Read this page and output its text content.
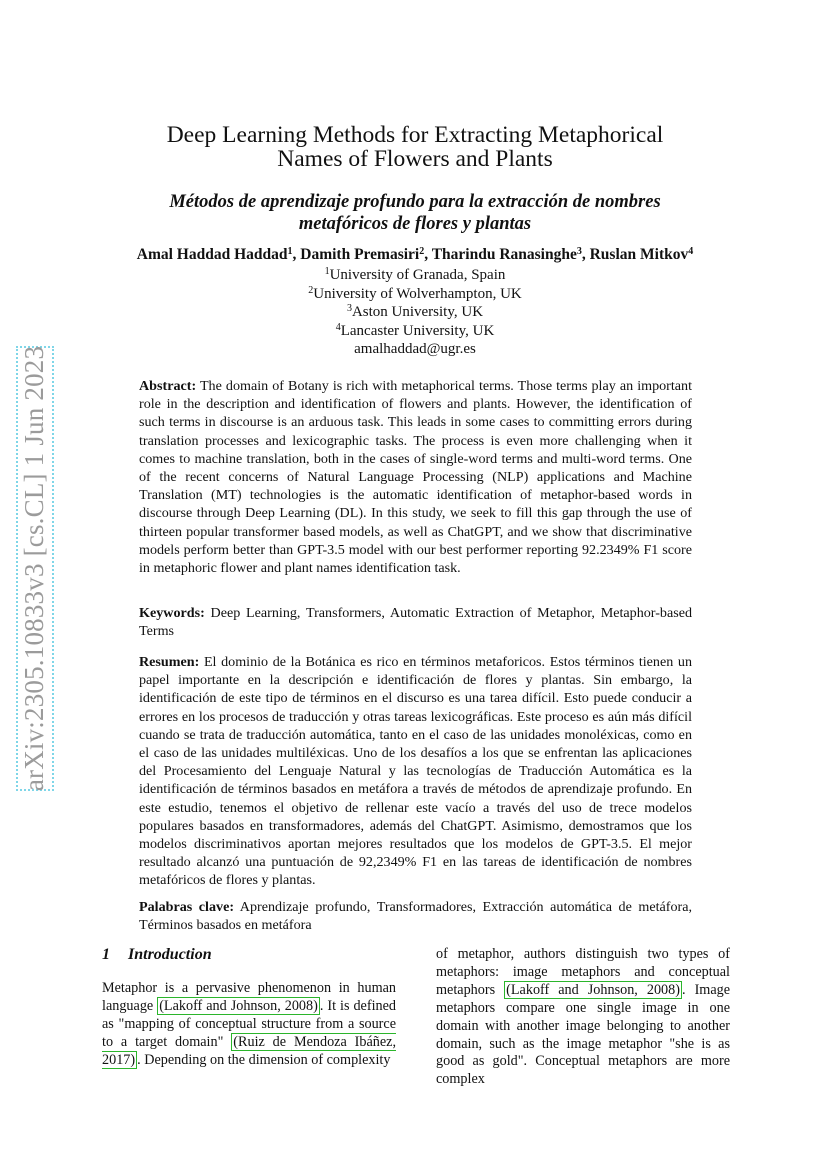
arXiv:2305.10833v3 [cs.CL] 1 Jun 2023
Deep Learning Methods for Extracting Metaphorical
Names of Flowers and Plants
Métodos de aprendizaje profundo para la extracción de nombres
metafóricos de flores y plantas
Amal Haddad Haddad$^1$, Damith Premasiri$^2$, Tharindu Ranasinghe$^3$, Ruslan Mitkov$^4$
$^1$University of Granada, Spain
$^2$University of Wolverhampton, UK
$^3$Aston University, UK
$^4$Lancaster University, UK
amalhaddad@ugr.es
Abstract: The domain of Botany is rich with metaphorical terms. Those terms play an important role in the description and identification of flowers and plants. However, the identification of such terms in discourse is an arduous task. This leads in some cases to committing errors during translation processes and lexicographic tasks. The process is even more challenging when it comes to machine translation, both in the cases of single-word terms and multi-word terms. One of the recent concerns of Natural Language Processing (NLP) applications and Machine Translation (MT) technologies is the automatic identification of metaphor-based words in discourse through Deep Learning (DL). In this study, we seek to fill this gap through the use of thirteen popular transformer based models, as well as ChatGPT, and we show that discriminative models perform better than GPT-3.5 model with our best performer reporting 92.2349% F1 score in metaphoric flower and plant names identification task.
Keywords: Deep Learning, Transformers, Automatic Extraction of Metaphor, Metaphor-based Terms
Resumen: El dominio de la Botánica es rico en términos metaforicos. Estos términos tienen un papel importante en la descripción e identificación de flores y plantas. Sin embargo, la identificación de este tipo de términos en el discurso es una tarea difícil. Esto puede conducir a errores en los procesos de traducción y otras tareas lexicográficas. Este proceso es aún más difícil cuando se trata de traducción automática, tanto en el caso de las unidades monoléxicas, como en el caso de las unidades multiléxicas. Uno de los desafíos a los que se enfrentan las aplicaciones del Procesamiento del Lenguaje Natural y las tecnologías de Traducción Automática es la identificación de términos basados en metáfora a través de métodos de aprendizaje profundo. En este estudio, tenemos el objetivo de rellenar este vacío a través del uso de trece modelos populares basados en transformadores, además del ChatGPT. Asimismo, demostramos que los modelos discriminativos aportan mejores resultados que los modelos de GPT-3.5. El mejor resultado alcanzó una puntuación de 92,2349% F1 en las tareas de identificación de nombres metafóricos de flores y plantas.
Palabras clave: Aprendizaje profundo, Transformadores, Extracción automática de metáfora, Términos basados en metáfora
1 Introduction
Metaphor is a pervasive phenomenon in human language (Lakoff and Johnson, 2008) . It is defined as "mapping of conceptual structure from a source to a target domain" (Ruiz de Mendoza Ibáñez, 2017) . Depending on the dimension of complexity
of metaphor, authors distinguish two types of metaphors: image metaphors and conceptual metaphors (Lakoff and Johnson, 2008) . Image metaphors compare one single image in one domain with another image belonging to another domain, such as the image metaphor "she is as good as gold". Conceptual metaphors are more complex
